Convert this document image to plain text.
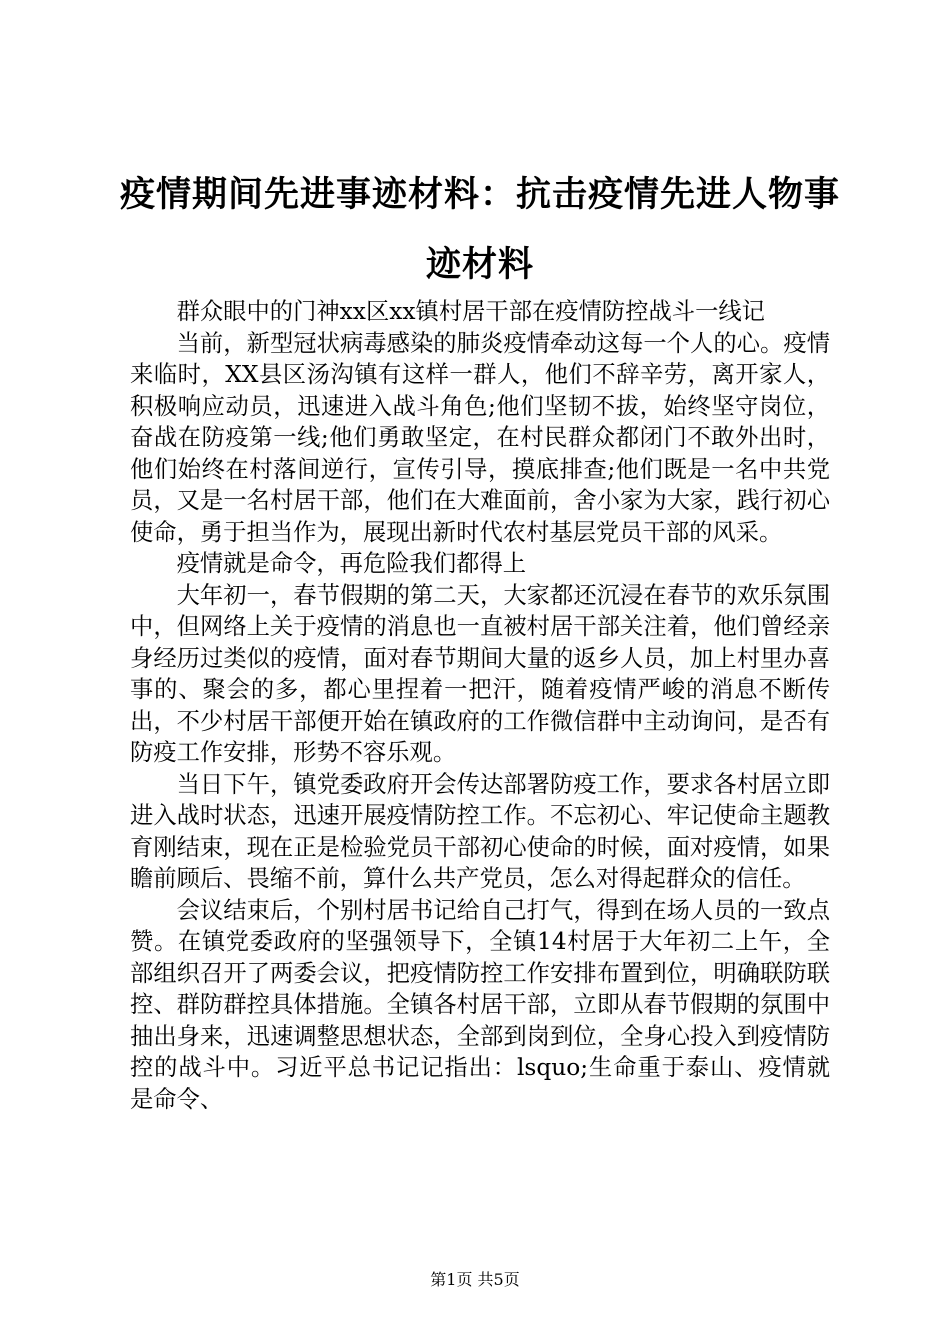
疫情期间先进事迹材料：抗击疫情先进人物事迹材料

群众眼中的门神xx区xx镇村居干部在疫情防控战斗一线记

当前，新型冠状病毒感染的肺炎疫情牵动这每一个人的心。疫情来临时，XX县区汤沟镇有这样一群人，他们不辞辛劳，离开家人，积极响应动员，迅速进入战斗角色;他们坚韧不拔，始终坚守岗位，奋战在防疫第一线;他们勇敢坚定，在村民群众都闭门不敢外出时，他们始终在村落间逆行，宣传引导，摸底排查;他们既是一名中共党员，又是一名村居干部，他们在大难面前，舍小家为大家，践行初心使命，勇于担当作为，展现出新时代农村基层党员干部的风采。

疫情就是命令，再危险我们都得上

大年初一，春节假期的第二天，大家都还沉浸在春节的欢乐氛围中，但网络上关于疫情的消息也一直被村居干部关注着，他们曾经亲身经历过类似的疫情，面对春节期间大量的返乡人员，加上村里办喜事的、聚会的多，都心里捏着一把汗，随着疫情严峻的消息不断传出，不少村居干部便开始在镇政府的工作微信群中主动询问，是否有防疫工作安排，形势不容乐观。

当日下午，镇党委政府开会传达部署防疫工作，要求各村居立即进入战时状态，迅速开展疫情防控工作。不忘初心、牢记使命主题教育刚结束，现在正是检验党员干部初心使命的时候，面对疫情，如果瞻前顾后、畏缩不前，算什么共产党员，怎么对得起群众的信任。

会议结束后，个别村居书记给自己打气，得到在场人员的一致点赞。在镇党委政府的坚强领导下，全镇14村居于大年初二上午，全部组织召开了两委会议，把疫情防控工作安排布置到位，明确联防联控、群防群控具体措施。全镇各村居干部，立即从春节假期的氛围中抽出身来，迅速调整思想状态，全部到岗到位，全身心投入到疫情防控的战斗中。习近平总书记记指出：lsquo;生命重于泰山、疫情就是命令、

第1页 共5页
